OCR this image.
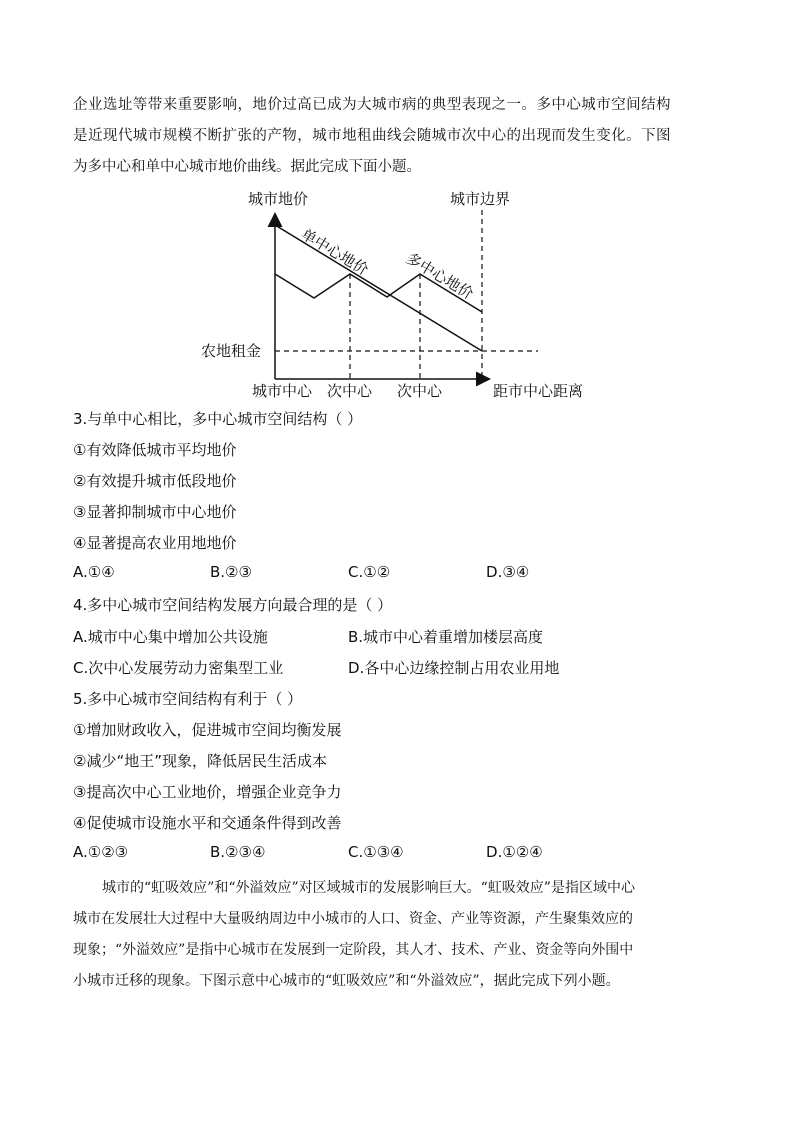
企业选址等带来重要影响，地价过高已成为大城市病的典型表现之一。多中心城市空间结构
是近现代城市规模不断扩张的产物，城市地租曲线会随城市次中心的出现而发生变化。下图
为多中心和单中心城市地价曲线。据此完成下面小题。
城市地价	城市边界
单中心地价 多中心地价
农地租金
城市中心 次中心 次中心	距市中心距离
3.与单中心相比，多中心城市空间结构（ ）
①有效降低城市平均地价
②有效提升城市低段地价
③显著抑制城市中心地价
④显著提高农业用地地价
A.①④	B.②③	C.①②	D.③④
4.多中心城市空间结构发展方向最合理的是（ ）
A.城市中心集中增加公共设施	B.城市中心着重增加楼层高度
C.次中心发展劳动力密集型工业	D.各中心边缘控制占用农业用地
5.多中心城市空间结构有利于（ ）
①增加财政收入，促进城市空间均衡发展
②减少“地王”现象，降低居民生活成本
③提高次中心工业地价，增强企业竞争力
④促使城市设施水平和交通条件得到改善
A.①②③	B.②③④	C.①③④	D.①②④
城市的“虹吸效应”和“外溢效应”对区域城市的发展影响巨大。“虹吸效应”是指区域中心
城市在发展壮大过程中大量吸纳周边中小城市的人口、资金、产业等资源，产生聚集效应的
现象；“外溢效应”是指中心城市在发展到一定阶段，其人才、技术、产业、资金等向外围中
小城市迁移的现象。下图示意中心城市的“虹吸效应”和“外溢效应”，据此完成下列小题。
